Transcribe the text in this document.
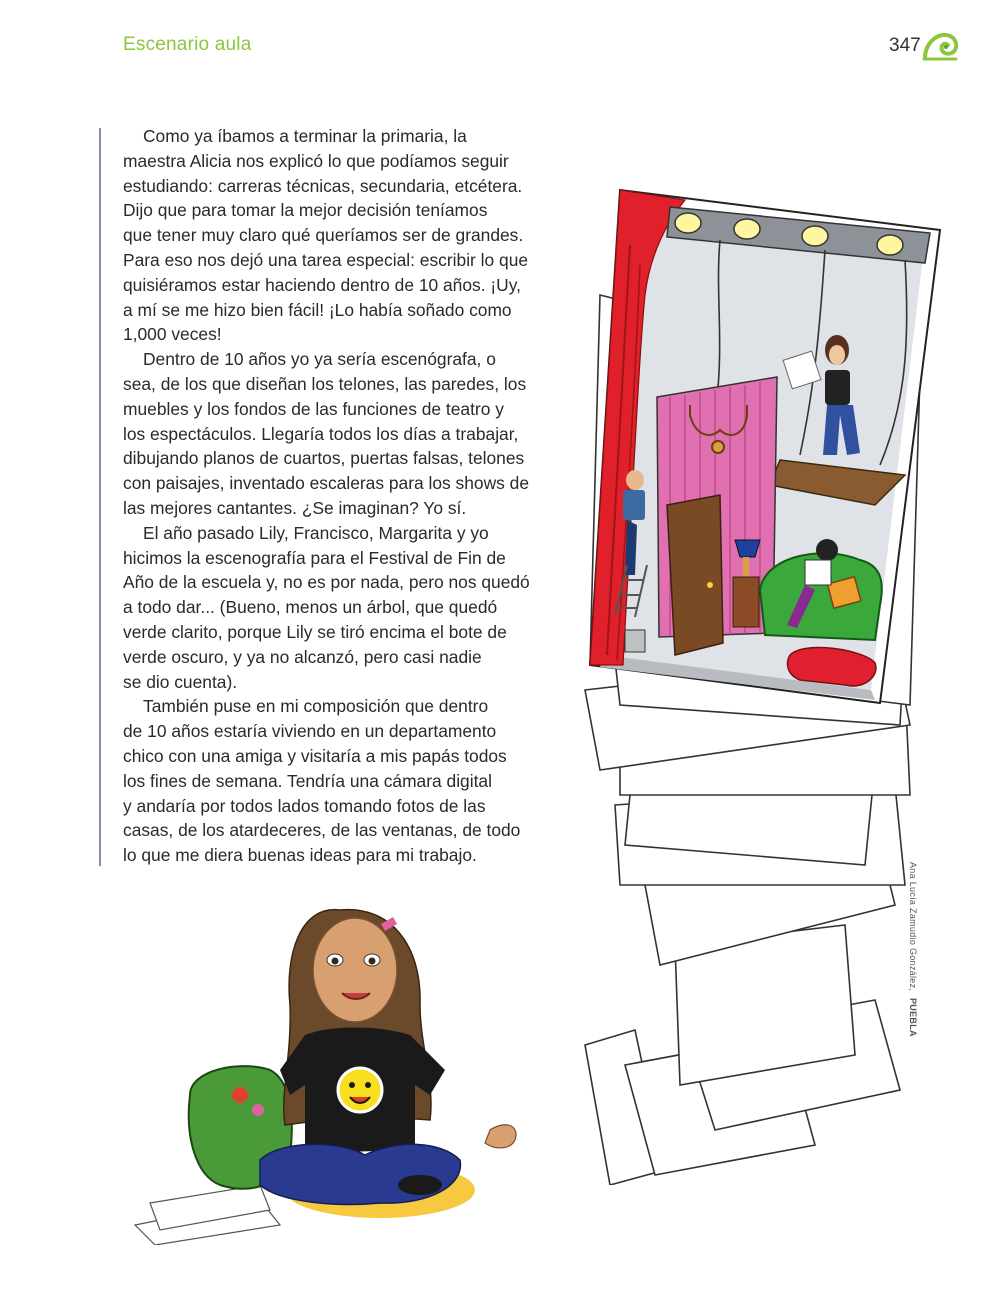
Escenario aula	347
Como ya íbamos a terminar la primaria, la
maestra Alicia nos explicó lo que podíamos seguir
estudiando: carreras técnicas, secundaria, etcétera.
Dijo que para tomar la mejor decisión teníamos
que tener muy claro qué queríamos ser de grandes.
Para eso nos dejó una tarea especial: escribir lo que
quisiéramos estar haciendo dentro de 10 años. ¡Uy,
a mí se me hizo bien fácil! ¡Lo había soñado como
1,000 veces!
Dentro de 10 años yo ya sería escenógrafa, o
sea, de los que diseñan los telones, las paredes, los
muebles y los fondos de las funciones de teatro y
los espectáculos. Llegaría todos los días a trabajar,
dibujando planos de cuartos, puertas falsas, telones
con paisajes, inventado escaleras para los shows de
las mejores cantantes. ¿Se imaginan? Yo sí.
El año pasado Lily, Francisco, Margarita y yo
hicimos la escenografía para el Festival de Fin de
Año de la escuela y, no es por nada, pero nos quedó
a todo dar... (Bueno, menos un árbol, que quedó
verde clarito, porque Lily se tiró encima el bote de
verde oscuro, y ya no alcanzó, pero casi nadie
se dio cuenta).
También puse en mi composición que dentro
de 10 años estaría viviendo en un departamento
chico con una amiga y visitaría a mis papás todos
los fines de semana. Tendría una cámara digital
y andaría por todos lados tomando fotos de las
casas, de los atardeceres, de las ventanas, de todo
lo que me diera buenas ideas para mi trabajo.
Ana Lucía Zamudio González, PUEBLA
